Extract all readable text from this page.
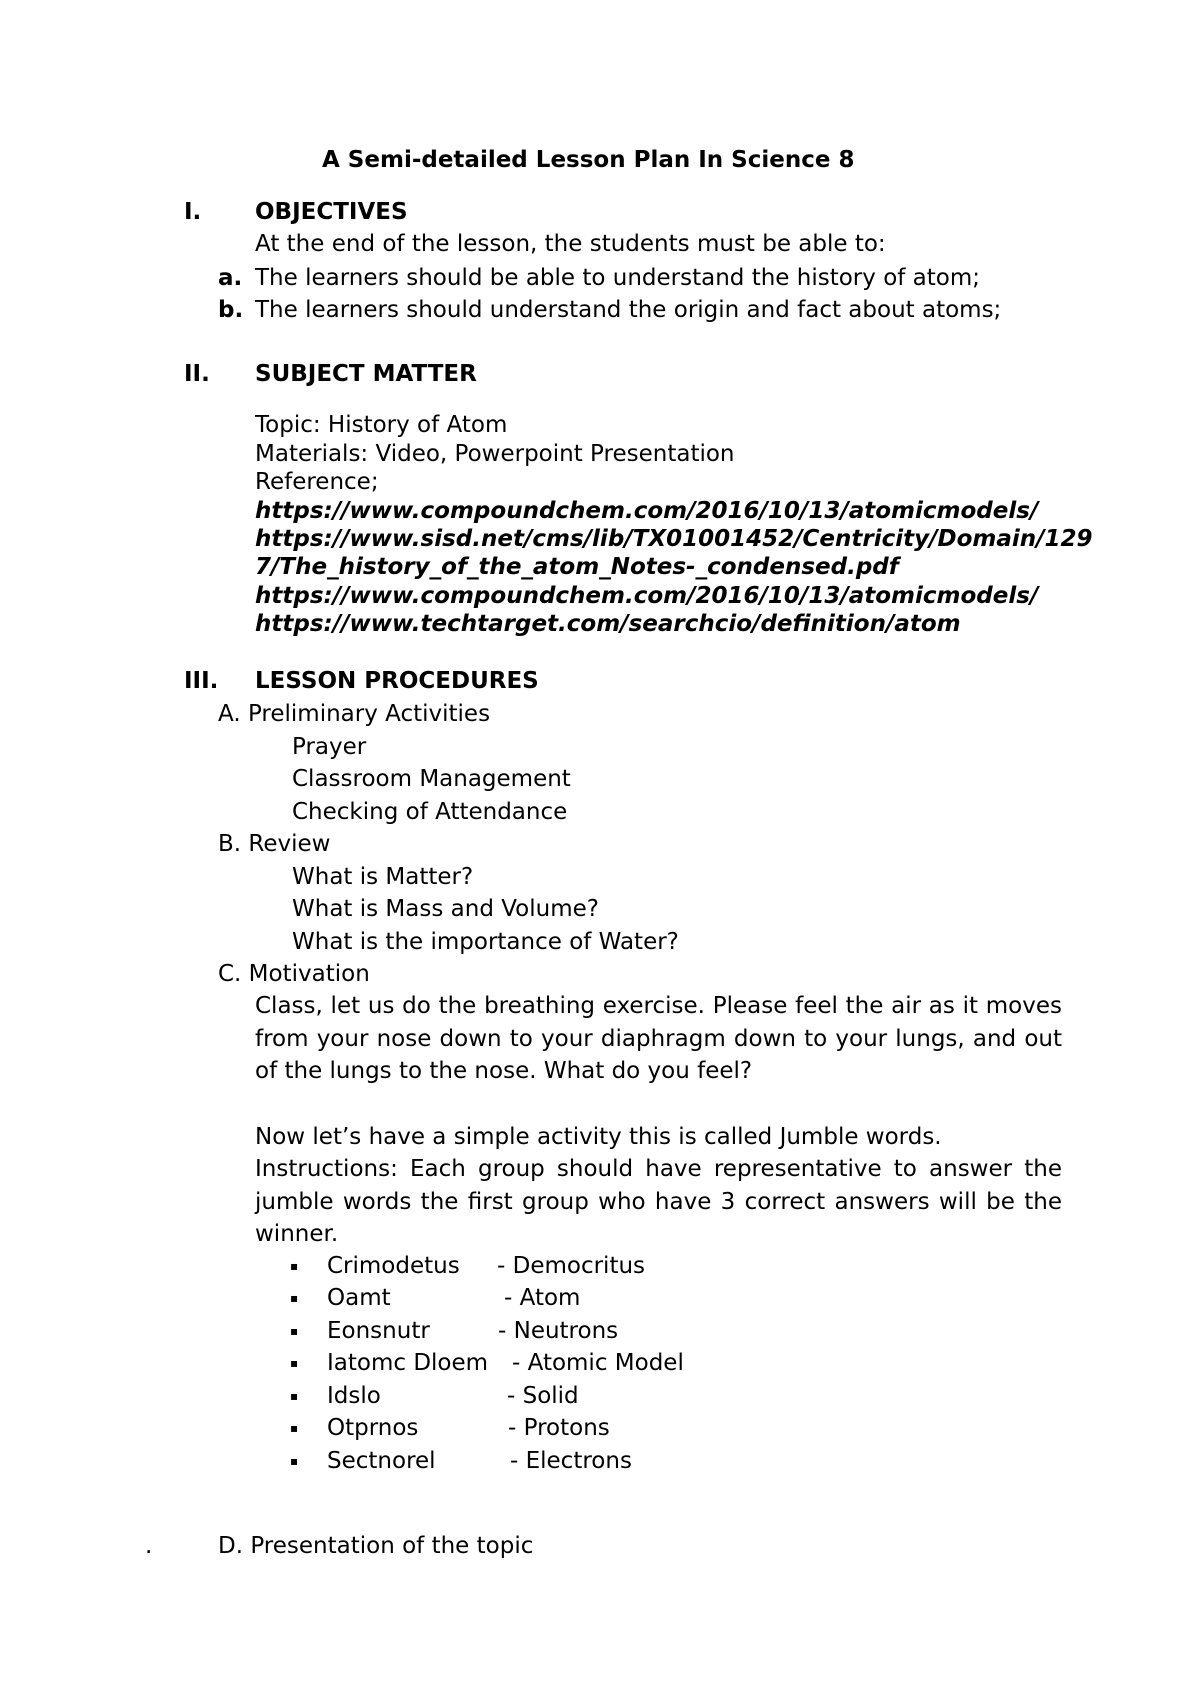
A Semi-detailed Lesson Plan In Science 8
I. OBJECTIVES
At the end of the lesson, the students must be able to:
a. The learners should be able to understand the history of atom;
b. The learners should understand the origin and fact about atoms;
II. SUBJECT MATTER
Topic: History of Atom
Materials: Video, Powerpoint Presentation
Reference;
https://www.compoundchem.com/2016/10/13/atomicmodels/
https://www.sisd.net/cms/lib/TX01001452/Centricity/Domain/129
7/The_history_of_the_atom_Notes-_condensed.pdf
https://www.compoundchem.com/2016/10/13/atomicmodels/
https://www.techtarget.com/searchcio/definition/atom
III. LESSON PROCEDURES
A. Preliminary Activities
Prayer
Classroom Management
Checking of Attendance
B. Review
What is Matter?
What is Mass and Volume?
What is the importance of Water?
C. Motivation
Class, let us do the breathing exercise. Please feel the air as it moves from your nose down to your diaphragm down to your lungs, and out of the lungs to the nose. What do you feel?
Now let’s have a simple activity this is called Jumble words.
Instructions: Each group should have representative to answer the jumble words the first group who have 3 correct answers will be the winner.
▪ Crimodetus - Democritus
▪ Oamt	- Atom
▪ Eonsnutr	- Neutrons
▪ Iatomc Dloem - Atomic Model
▪ Idslo	- Solid
▪ Otprnos	- Protons
▪ Sectnorel	- Electrons
.	D. Presentation of the topic
